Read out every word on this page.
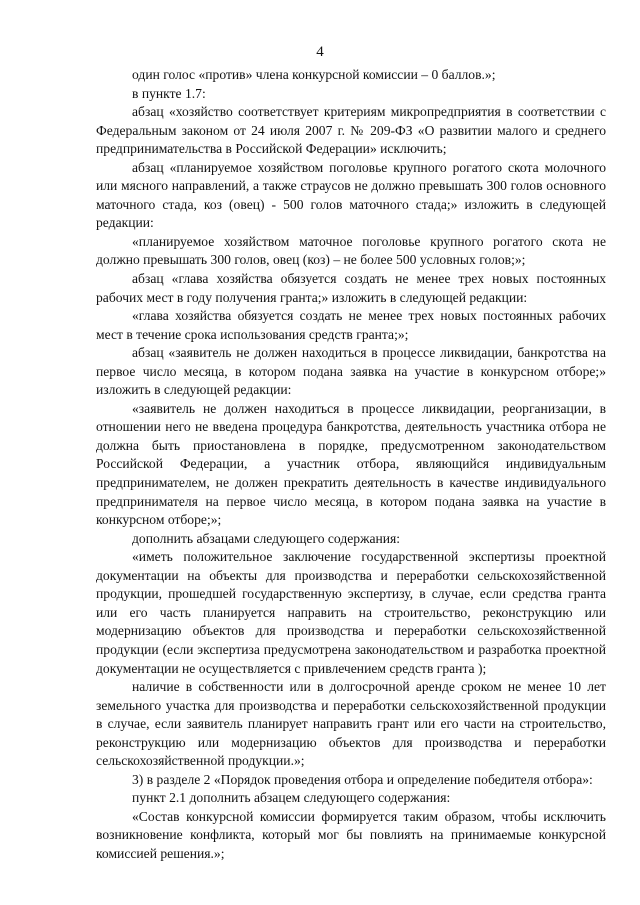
4

один голос «против» члена конкурсной комиссии – 0 баллов.»;

в пункте 1.7:

абзац «хозяйство соответствует критериям микропредприятия в соответствии с Федеральным законом от 24 июля 2007 г. № 209-ФЗ «О развитии малого и среднего предпринимательства в Российской Федерации» исключить;

абзац «планируемое хозяйством поголовье крупного рогатого скота молочного или мясного направлений, а также страусов не должно превышать 300 голов основного маточного стада, коз (овец) - 500 голов маточного стада;» изложить в следующей редакции:

«планируемое хозяйством маточное поголовье крупного рогатого скота не должно превышать 300 голов, овец (коз) – не более 500 условных голов;»;

абзац «глава хозяйства обязуется создать не менее трех новых постоянных рабочих мест в году получения гранта;» изложить в следующей редакции:

«глава хозяйства обязуется создать не менее трех новых постоянных рабочих мест в течение срока использования средств гранта;»;

абзац «заявитель не должен находиться в процессе ликвидации, банкротства на первое число месяца, в котором подана заявка на участие в конкурсном отборе;» изложить в следующей редакции:

«заявитель не должен находиться в процессе ликвидации, реорганизации, в отношении него не введена процедура банкротства, деятельность участника отбора не должна быть приостановлена в порядке, предусмотренном законодательством Российской Федерации, а участник отбора, являющийся индивидуальным предпринимателем, не должен прекратить деятельность в качестве индивидуального предпринимателя на первое число месяца, в котором подана заявка на участие в конкурсном отборе;»;

дополнить абзацами следующего содержания:

«иметь положительное заключение государственной экспертизы проектной документации на объекты для производства и переработки сельскохозяйственной продукции, прошедшей государственную экспертизу, в случае, если средства гранта или его часть планируется направить на строительство, реконструкцию или модернизацию объектов для производства и переработки сельскохозяйственной продукции (если экспертиза предусмотрена законодательством и разработка проектной документации не осуществляется с привлечением средств гранта );

наличие в собственности или в долгосрочной аренде сроком не менее 10 лет земельного участка для производства и переработки сельскохозяйственной продукции в случае, если заявитель планирует направить грант или его части на строительство, реконструкцию или модернизацию объектов для производства и переработки сельскохозяйственной продукции.»;

3) в разделе 2 «Порядок проведения отбора и определение победителя отбора»:

пункт 2.1 дополнить абзацем следующего содержания:

«Состав конкурсной комиссии формируется таким образом, чтобы исключить возникновение конфликта, который мог бы повлиять на принимаемые конкурсной комиссией решения.»;
